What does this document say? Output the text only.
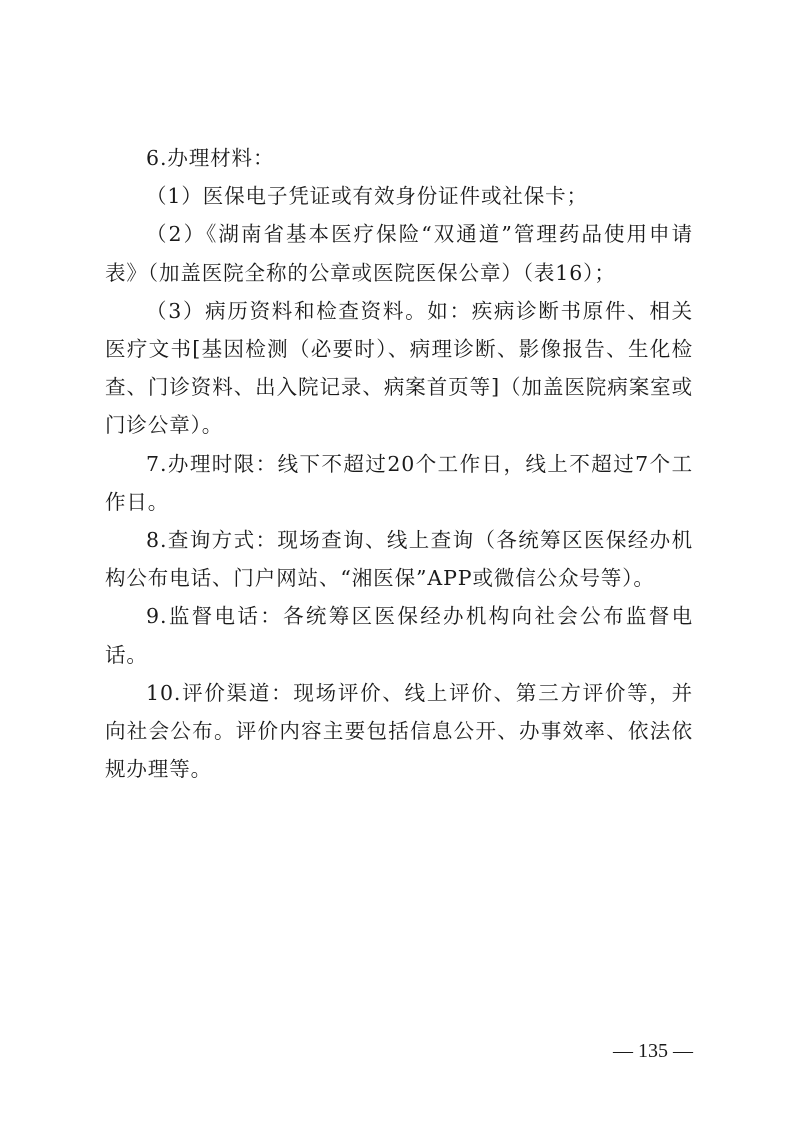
6.办理材料：

（1）医保电子凭证或有效身份证件或社保卡；

（2）《湖南省基本医疗保险“双通道”管理药品使用申请表》（加盖医院全称的公章或医院医保公章）（表16）；

（3）病历资料和检查资料。如：疾病诊断书原件、相关医疗文书[基因检测（必要时）、病理诊断、影像报告、生化检查、门诊资料、出入院记录、病案首页等]（加盖医院病案室或门诊公章）。

7.办理时限：线下不超过20个工作日，线上不超过7个工作日。

8.查询方式：现场查询、线上查询（各统筹区医保经办机构公布电话、门户网站、“湘医保”APP或微信公众号等）。

9.监督电话：各统筹区医保经办机构向社会公布监督电话。

10.评价渠道：现场评价、线上评价、第三方评价等，并向社会公布。评价内容主要包括信息公开、办事效率、依法依规办理等。

— 135 —
